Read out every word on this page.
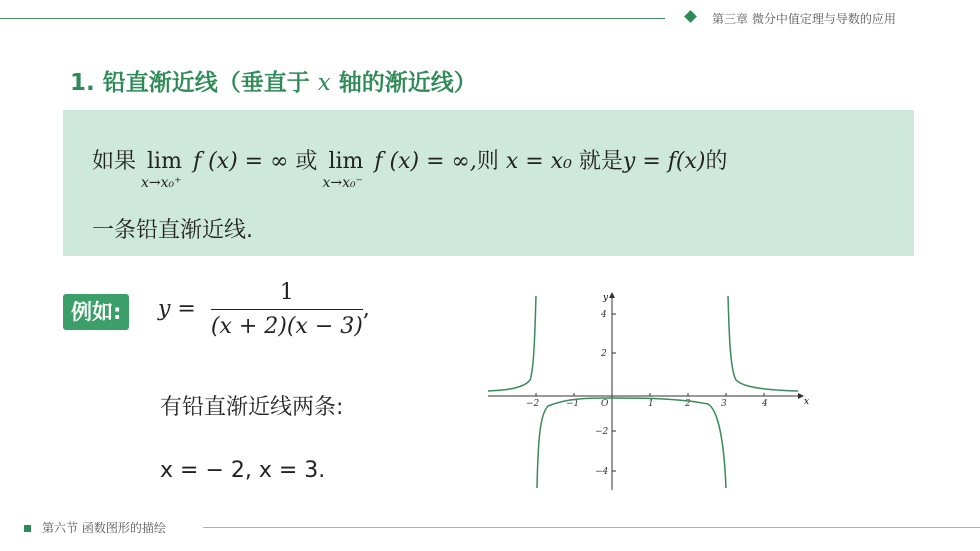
第三章 微分中值定理与导数的应用
1. 铅直渐近线（垂直于 x 轴的渐近线）
如果 lim
x→x₀⁺
f (x) = ∞ 或 lim
x→x₀⁻
f (x) = ∞,则 x = x₀ 就是y = f(x)的
一条铅直渐近线.
例如:	$y = \frac{1}{(x + 2)(x - 3)}$ ,
有铅直渐近线两条:
x = − 2, x = 3.
x
y
−2	−1 O	1	2	3	4
4
2
−2
−4
第六节 函数图形的描绘
